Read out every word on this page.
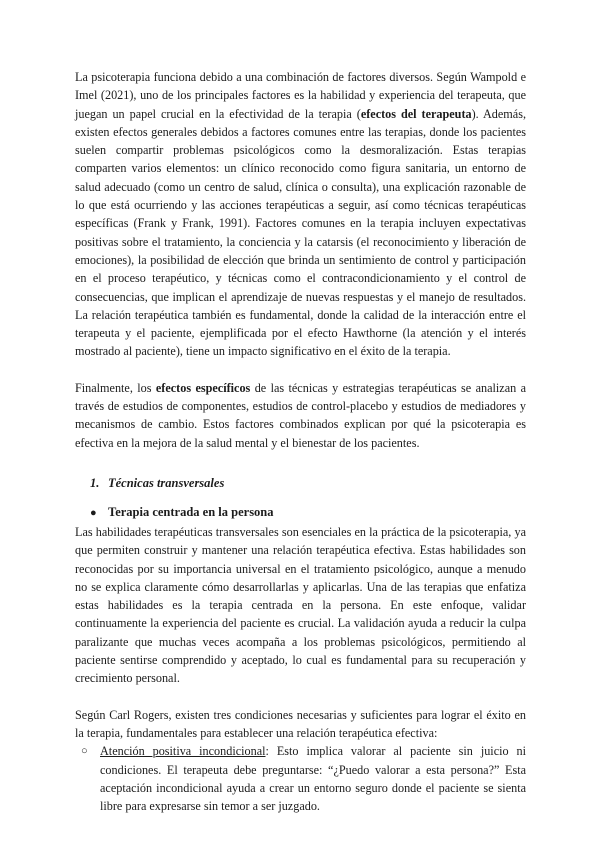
La psicoterapia funciona debido a una combinación de factores diversos. Según Wampold e Imel (2021), uno de los principales factores es la habilidad y experiencia del terapeuta, que juegan un papel crucial en la efectividad de la terapia (efectos del terapeuta). Además, existen efectos generales debidos a factores comunes entre las terapias, donde los pacientes suelen compartir problemas psicológicos como la desmoralización. Estas terapias comparten varios elementos: un clínico reconocido como figura sanitaria, un entorno de salud adecuado (como un centro de salud, clínica o consulta), una explicación razonable de lo que está ocurriendo y las acciones terapéuticas a seguir, así como técnicas terapéuticas específicas (Frank y Frank, 1991). Factores comunes en la terapia incluyen expectativas positivas sobre el tratamiento, la conciencia y la catarsis (el reconocimiento y liberación de emociones), la posibilidad de elección que brinda un sentimiento de control y participación en el proceso terapéutico, y técnicas como el contracondicionamiento y el control de consecuencias, que implican el aprendizaje de nuevas respuestas y el manejo de resultados. La relación terapéutica también es fundamental, donde la calidad de la interacción entre el terapeuta y el paciente, ejemplificada por el efecto Hawthorne (la atención y el interés mostrado al paciente), tiene un impacto significativo en el éxito de la terapia.

Finalmente, los efectos específicos de las técnicas y estrategias terapéuticas se analizan a través de estudios de componentes, estudios de control-placebo y estudios de mediadores y mecanismos de cambio. Estos factores combinados explican por qué la psicoterapia es efectiva en la mejora de la salud mental y el bienestar de los pacientes.

1. Técnicas transversales
● Terapia centrada en la persona

Las habilidades terapéuticas transversales son esenciales en la práctica de la psicoterapia, ya que permiten construir y mantener una relación terapéutica efectiva. Estas habilidades son reconocidas por su importancia universal en el tratamiento psicológico, aunque a menudo no se explica claramente cómo desarrollarlas y aplicarlas. Una de las terapias que enfatiza estas habilidades es la terapia centrada en la persona. En este enfoque, validar continuamente la experiencia del paciente es crucial. La validación ayuda a reducir la culpa paralizante que muchas veces acompaña a los problemas psicológicos, permitiendo al paciente sentirse comprendido y aceptado, lo cual es fundamental para su recuperación y crecimiento personal.

Según Carl Rogers, existen tres condiciones necesarias y suficientes para lograr el éxito en la terapia, fundamentales para establecer una relación terapéutica efectiva:

○ Atención positiva incondicional: Esto implica valorar al paciente sin juicio ni condiciones. El terapeuta debe preguntarse: “¿Puedo valorar a esta persona?” Esta aceptación incondicional ayuda a crear un entorno seguro donde el paciente se sienta libre para expresarse sin temor a ser juzgado.
